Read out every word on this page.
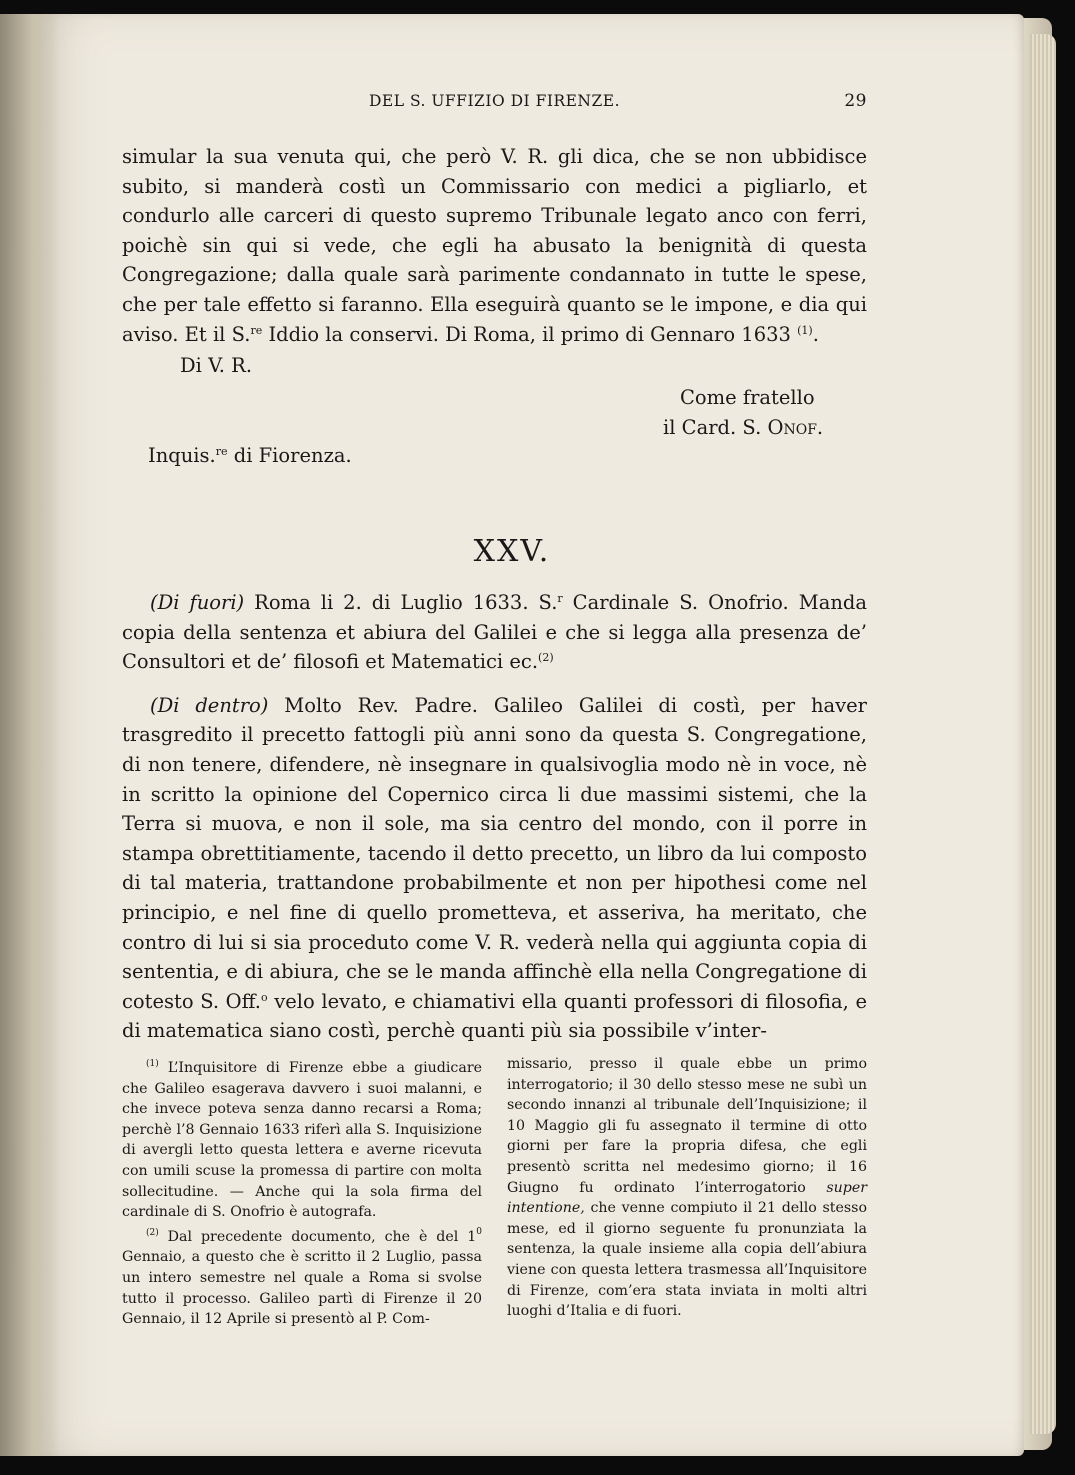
DEL S. UFFIZIO DI FIRENZE.	29

simular la sua venuta qui, che però V. R. gli dica, che se non ubbidisce subito, si manderà costì un Commissario con medici a pigliarlo, et condurlo alle carceri di questo supremo Tribunale legato anco con ferri, poichè sin qui si vede, che egli ha abusato la benignità di questa Congregazione; dalla quale sarà parimente condannato in tutte le spese, che per tale effetto si faranno. Ella eseguirà quanto se le impone, e dia qui aviso. Et il S.$^{re}$ Iddio la conservi. Di Roma, il primo di Gennaro 1633 $^{(1)}$.

Di V. R.
Come fratello
il Card. S. Onof.
Inquis.$^{re}$ di Fiorenza.
XXV.

(Di fuori) Roma li 2. di Luglio 1633. S.$^r$ Cardinale S. Onofrio. Manda copia della sentenza et abiura del Galilei e che si legga alla presenza de’ Consultori et de’ filosofi et Matematici ec.$^{(2)}$

(Di dentro) Molto Rev. Padre. Galileo Galilei di costì, per haver trasgredito il precetto fattogli più anni sono da questa S. Congregatione, di non tenere, difendere, nè insegnare in qualsivoglia modo nè in voce, nè in scritto la opinione del Copernico circa li due massimi sistemi, che la Terra si muova, e non il sole, ma sia centro del mondo, con il porre in stampa obrettitiamente, tacendo il detto precetto, un libro da lui composto di tal materia, trattandone probabilmente et non per hipothesi come nel principio, e nel fine di quello prometteva, et asseriva, ha meritato, che contro di lui si sia proceduto come V. R. vederà nella qui aggiunta copia di sententia, e di abiura, che se le manda affinchè ella nella Congregatione di cotesto S. Off.$^o$ velo levato, e chiamativi ella quanti professori di filosofia, e di matematica siano costì, perchè quanti più sia possibile v’inter-

$^{(1)}$ L’Inquisitore di Firenze ebbe a giudicare che Galileo esagerava davvero i suoi malanni, e che invece poteva senza danno recarsi a Roma; perchè l’8 Gennaio 1633 riferì alla S. Inquisizione di avergli letto questa lettera e averne ricevuta con umili scuse la promessa di partire con molta sollecitudine. — Anche qui la sola firma del cardinale di S. Onofrio è autografa.

$^{(2)}$ Dal precedente documento, che è del $1^0$ Gennaio, a questo che è scritto il 2 Luglio, passa un intero semestre nel quale a Roma si svolse tutto il processo. Galileo partì di Firenze il 20 Gennaio, il 12 Aprile si presentò al P. Com-

missario, presso il quale ebbe un primo interrogatorio; il 30 dello stesso mese ne subì un secondo innanzi al tribunale dell’Inquisizione; il 10 Maggio gli fu assegnato il termine di otto giorni per fare la propria difesa, che egli presentò scritta nel medesimo giorno; il 16 Giugno fu ordinato l’interrogatorio super intentione, che venne compiuto il 21 dello stesso mese, ed il giorno seguente fu pronunziata la sentenza, la quale insieme alla copia dell’abiura viene con questa lettera trasmessa all’Inquisitore di Firenze, com’era stata inviata in molti altri luoghi d’Italia e di fuori.
